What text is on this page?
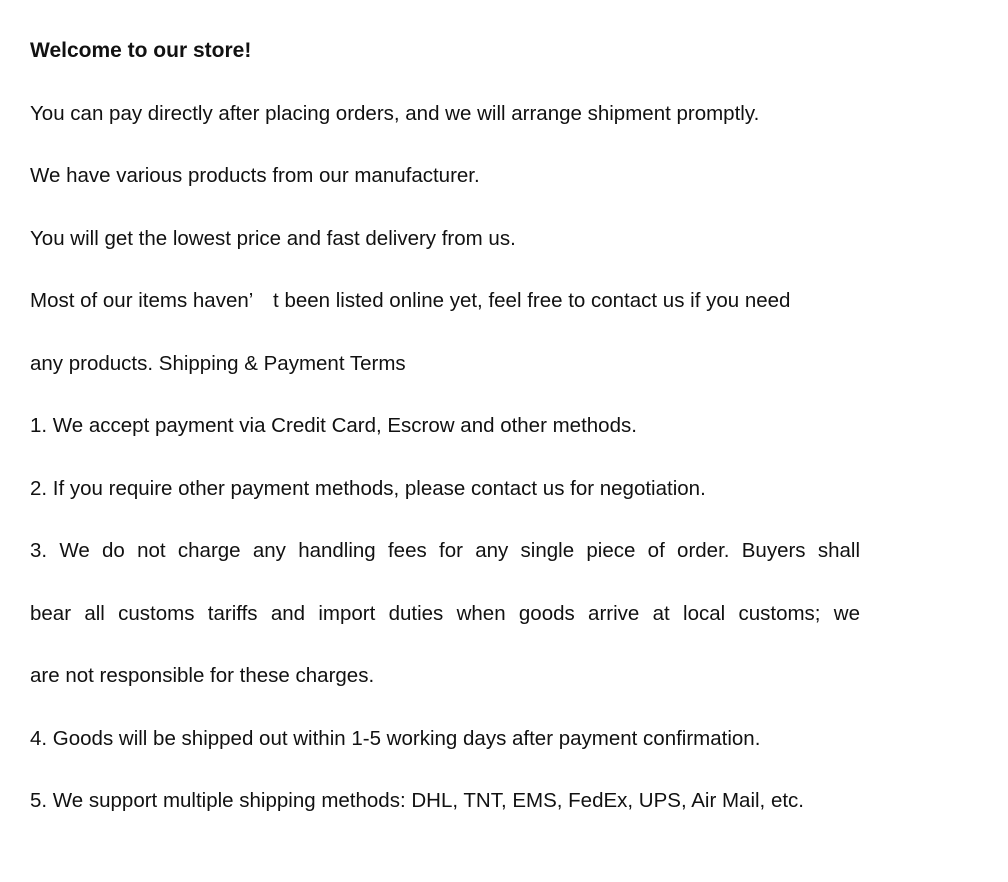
Welcome to our store!
You can pay directly after placing orders, and we will arrange shipment promptly.
We have various products from our manufacturer.
You will get the lowest price and fast delivery from us.
Most of our items haven’　t been listed online yet, feel free to contact us if you need
any products. Shipping & Payment Terms
1. We accept payment via Credit Card, Escrow and other methods.
2. If you require other payment methods, please contact us for negotiation.
3. We do not charge any handling fees for any single piece of order. Buyers shall
bear all customs tariffs and import duties when goods arrive at local customs; we
are not responsible for these charges.
4. Goods will be shipped out within 1-5 working days after payment confirmation.
5. We support multiple shipping methods: DHL, TNT, EMS, FedEx, UPS, Air Mail, etc.
